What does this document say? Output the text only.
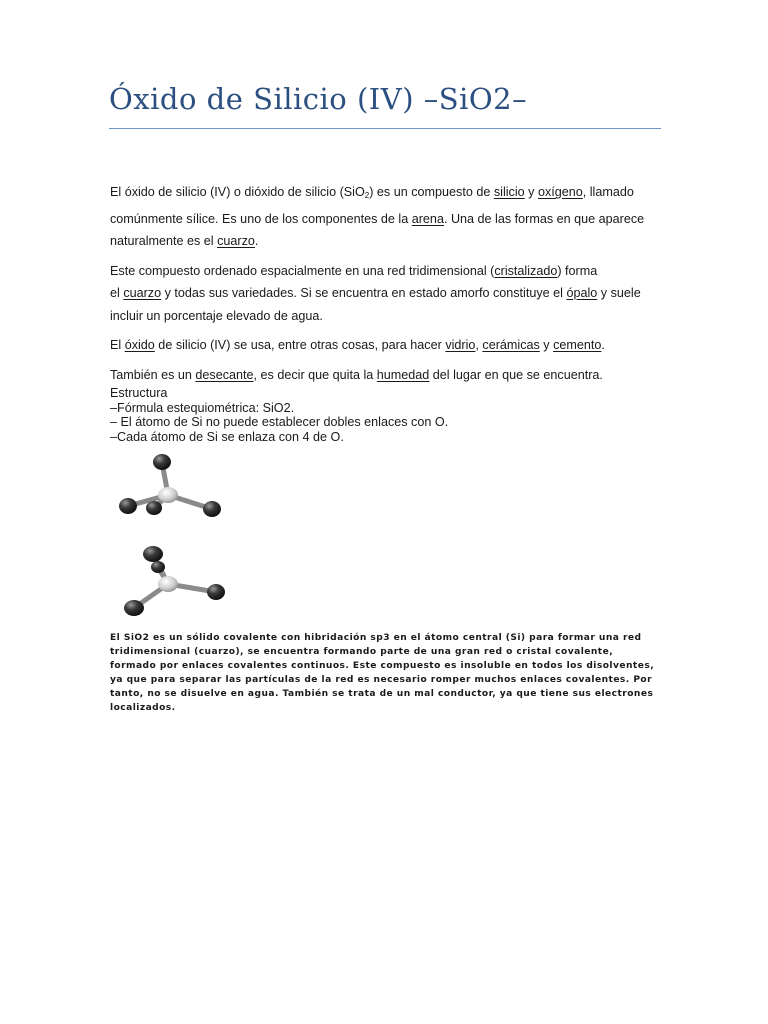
Óxido de Silicio (IV) –SiO2–

El óxido de silicio (IV) o dióxido de silicio (SiO$_2$) es un compuesto de silicio y oxígeno, llamado comúnmente sílice. Es uno de los componentes de la arena. Una de las formas en que aparece naturalmente es el cuarzo.

Este compuesto ordenado espacialmente en una red tridimensional (cristalizado) forma
el cuarzo y todas sus variedades. Si se encuentra en estado amorfo constituye el ópalo y suele incluir un porcentaje elevado de agua.

El óxido de silicio (IV) se usa, entre otras cosas, para hacer vidrio, cerámicas y cemento.

También es un desecante, es decir que quita la humedad del lugar en que se encuentra.

Estructura
–Fórmula estequiométrica: SiO2.
– El átomo de Si no puede establecer dobles enlaces con O.
–Cada átomo de Si se enlaza con 4 de O.
El SiO2 es un sólido covalente con hibridación sp3 en el átomo central (Si) para formar una red tridimensional (cuarzo), se encuentra formando parte de una gran red o cristal covalente, formado por enlaces covalentes continuos. Este compuesto es insoluble en todos los disolventes, ya que para separar las partículas de la red es necesario romper muchos enlaces covalentes. Por tanto, no se disuelve en agua. También se trata de un mal conductor, ya que tiene sus electrones localizados.
